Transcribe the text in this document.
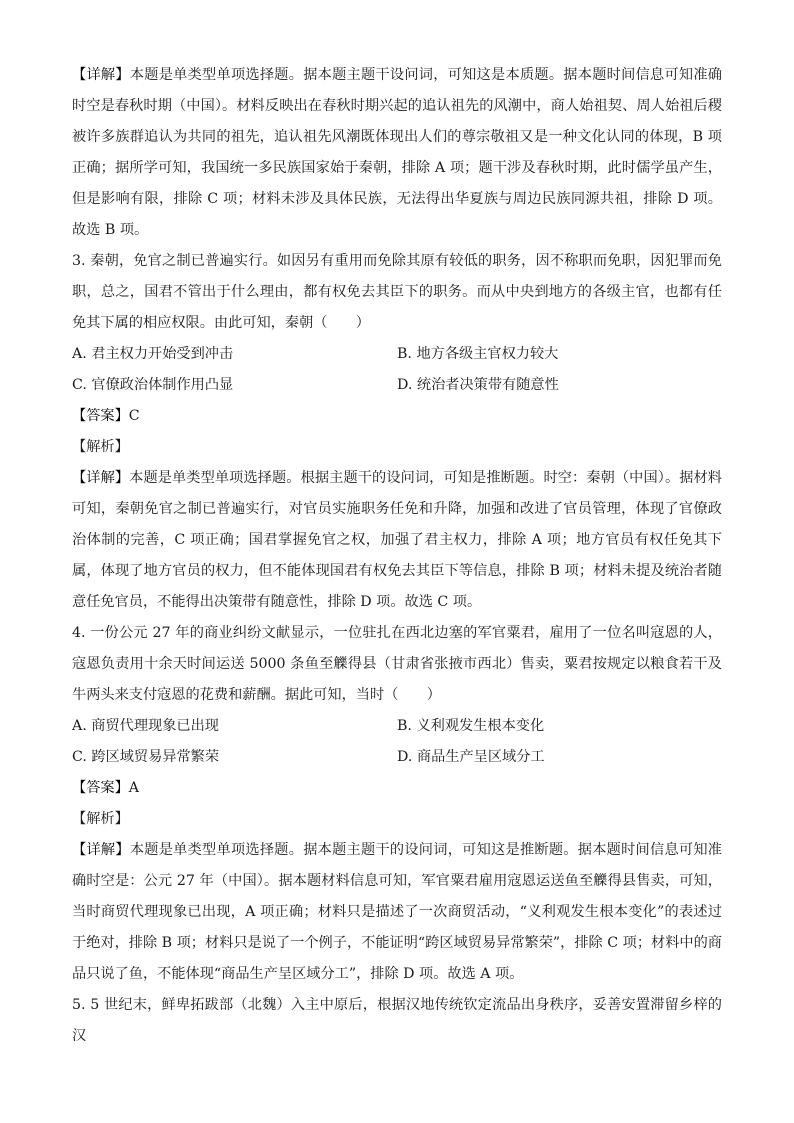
【详解】本题是单类型单项选择题。据本题主题干设问词，可知这是本质题。据本题时间信息可知准确时空是春秋时期（中国）。材料反映出在春秋时期兴起的追认祖先的风潮中，商人始祖契、周人始祖后稷被许多族群追认为共同的祖先，追认祖先风潮既体现出人们的尊宗敬祖又是一种文化认同的体现，B 项正确；据所学可知，我国统一多民族国家始于秦朝，排除 A 项；题干涉及春秋时期，此时儒学虽产生，但是影响有限，排除 C 项；材料未涉及具体民族，无法得出华夏族与周边民族同源共祖，排除 D 项。故选 B 项。

3. 秦朝，免官之制已普遍实行。如因另有重用而免除其原有较低的职务，因不称职而免职，因犯罪而免职，总之，国君不管出于什么理由，都有权免去其臣下的职务。而从中央到地方的各级主官，也都有任免其下属的相应权限。由此可知，秦朝（　　）

A. 君主权力开始受到冲击	B. 地方各级主官权力较大
C. 官僚政治体制作用凸显	D. 统治者决策带有随意性

【答案】C

【解析】

【详解】本题是单类型单项选择题。根据主题干的设问词，可知是推断题。时空：秦朝（中国）。据材料可知，秦朝免官之制已普遍实行，对官员实施职务任免和升降，加强和改进了官员管理，体现了官僚政治体制的完善，C 项正确；国君掌握免官之权，加强了君主权力，排除 A 项；地方官员有权任免其下属，体现了地方官员的权力，但不能体现国君有权免去其臣下等信息，排除 B 项；材料未提及统治者随意任免官员，不能得出决策带有随意性，排除 D 项。故选 C 项。

4. 一份公元 27 年的商业纠纷文献显示，一位驻扎在西北边塞的军官粟君，雇用了一位名叫寇恩的人，寇恩负责用十余天时间运送 5000 条鱼至觻得县（甘肃省张掖市西北）售卖，粟君按规定以粮食若干及牛两头来支付寇恩的花费和薪酬。据此可知，当时（　　）

A. 商贸代理现象已出现	B. 义利观发生根本变化
C. 跨区域贸易异常繁荣	D. 商品生产呈区域分工

【答案】A

【解析】

【详解】本题是单类型单项选择题。据本题主题干的设问词，可知这是推断题。据本题时间信息可知准确时空是：公元 27 年（中国）。据本题材料信息可知，军官粟君雇用寇恩运送鱼至觻得县售卖，可知，当时商贸代理现象已出现，A 项正确；材料只是描述了一次商贸活动，“义利观发生根本变化”的表述过于绝对，排除 B 项；材料只是说了一个例子，不能证明“跨区域贸易异常繁荣”，排除 C 项；材料中的商品只说了鱼，不能体现“商品生产呈区域分工”，排除 D 项。故选 A 项。

5. 5 世纪末，鲜卑拓跋部（北魏）入主中原后，根据汉地传统钦定流品出身秩序，妥善安置滞留乡梓的汉
